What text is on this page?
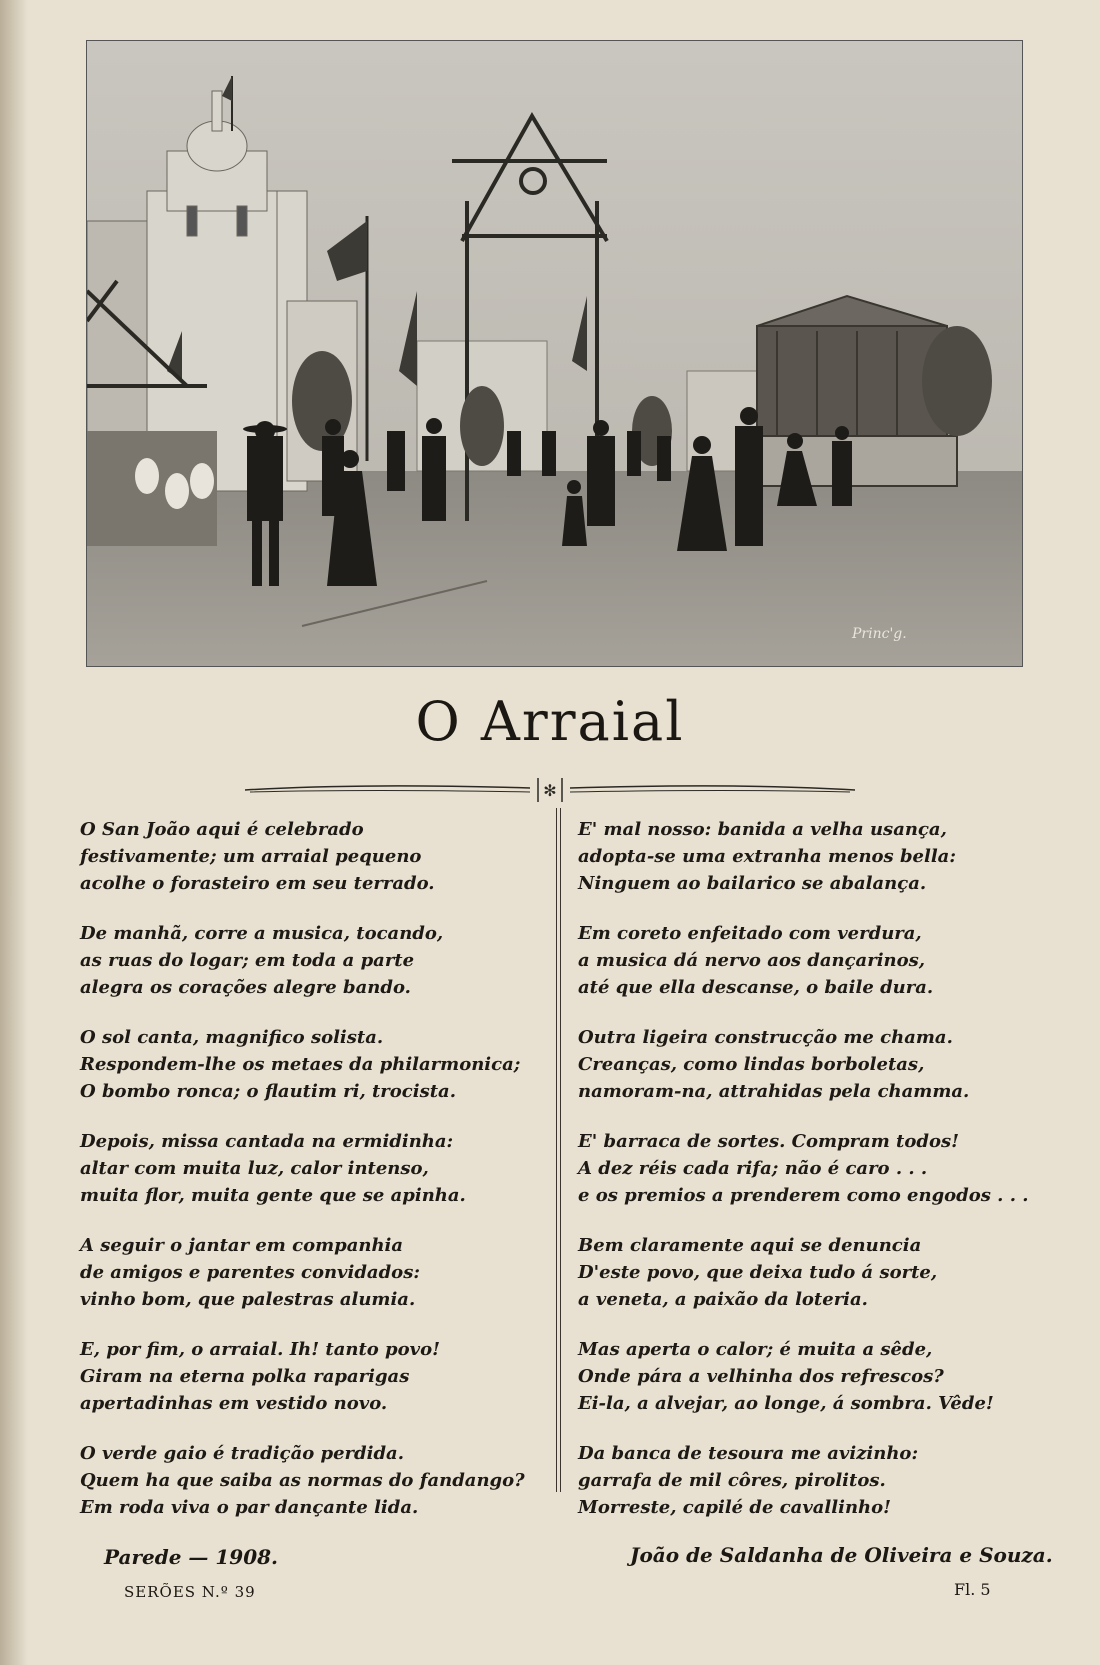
Princ'g.
O Arraial
✻
O San João aqui é celebrado
festivamente; um arraial pequeno
acolhe o forasteiro em seu terrado.
De manhã, corre a musica, tocando,
as ruas do logar; em toda a parte
alegra os corações alegre bando.
O sol canta, magnifico solista.
Respondem-lhe os metaes da philarmonica;
O bombo ronca; o flautim ri, trocista.
Depois, missa cantada na ermidinha:
altar com muita luz, calor intenso,
muita flor, muita gente que se apinha.
A seguir o jantar em companhia
de amigos e parentes convidados:
vinho bom, que palestras alumia.
E, por fim, o arraial. Ih! tanto povo!
Giram na eterna polka raparigas
apertadinhas em vestido novo.
O verde gaio é tradição perdida.
Quem ha que saiba as normas do fandango?
Em roda viva o par dançante lida.
E' mal nosso: banida a velha usança,
adopta-se uma extranha menos bella:
Ninguem ao bailarico se abalança.
Em coreto enfeitado com verdura,
a musica dá nervo aos dançarinos,
até que ella descanse, o baile dura.
Outra ligeira construcção me chama.
Creanças, como lindas borboletas,
namoram-na, attrahidas pela chamma.
E' barraca de sortes. Compram todos!
A dez réis cada rifa; não é caro . . .
e os premios a prenderem como engodos . . .
Bem claramente aqui se denuncia
D'este povo, que deixa tudo á sorte,
a veneta, a paixão da loteria.
Mas aperta o calor; é muita a sêde,
Onde pára a velhinha dos refrescos?
Ei-la, a alvejar, ao longe, á sombra. Vêde!
Da banca de tesoura me avizinho:
garrafa de mil côres, pirolitos.
Morreste, capilé de cavallinho!
Parede — 1908.	João de Saldanha de Oliveira e Souza.
SERÕES N.º 39	Fl. 5
